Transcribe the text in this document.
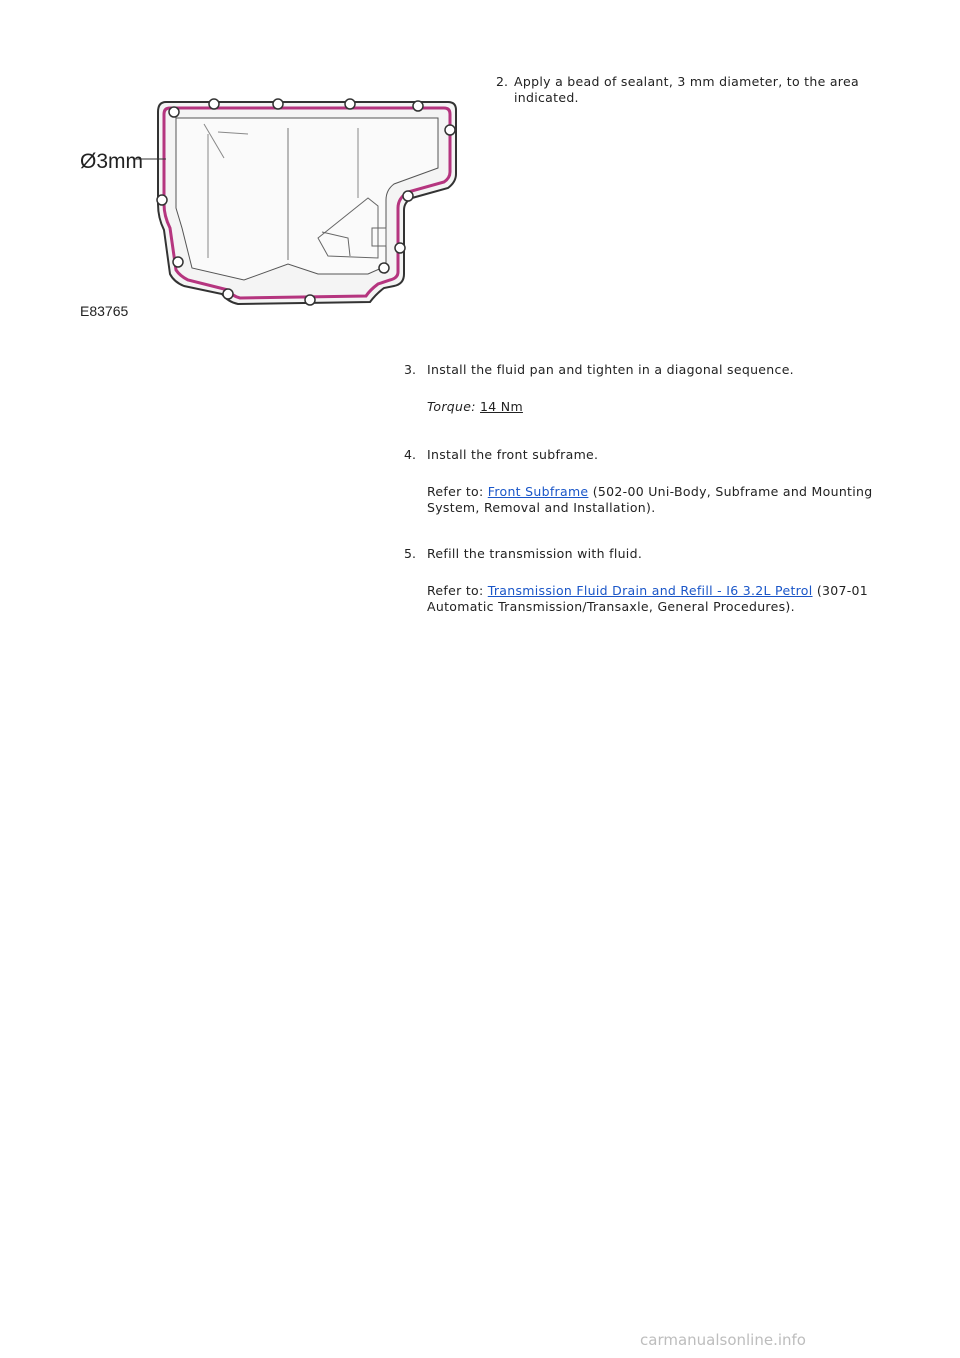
2. Apply a bead of sealant, 3 mm diameter, to the area indicated.
Ø3mm
E83765
3. Install the fluid pan and tighten in a diagonal sequence.
Torque: 14 Nm
4. Install the front subframe.
Refer to: Front Subframe (502-00 Uni-Body, Subframe and Mounting System, Removal and Installation).
5. Refill the transmission with fluid.
Refer to: Transmission Fluid Drain and Refill - I6 3.2L Petrol (307-01 Automatic Transmission/Transaxle, General Procedures).
carmanualsonline.info
